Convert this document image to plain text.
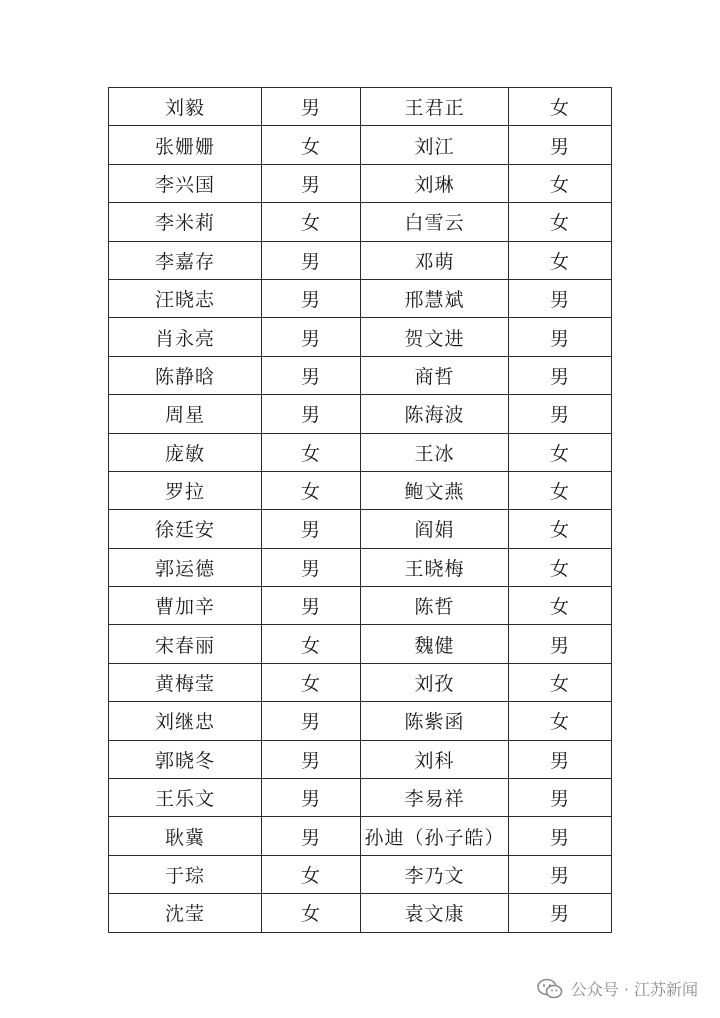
刘毅	男	王君正	女
张姗姗	女	刘江	男
李兴国	男	刘琳	女
李米莉	女	白雪云	女
李嘉存	男	邓萌	女
汪晓志	男	邢慧斌	男
肖永亮	男	贺文进	男
陈静晗	男	商哲	男
周星	男	陈海波	男
庞敏	女	王冰	女
罗拉	女	鲍文燕	女
徐廷安	男	阎娟	女
郭运德	男	王晓梅	女
曹加辛	男	陈哲	女
宋春丽	女	魏健	男
黄梅莹	女	刘孜	女
刘继忠	男	陈紫函	女
郭晓冬	男	刘科	男
王乐文	男	李易祥	男
耿冀	男	孙迪（孙子皓）	男
于琮	女	李乃文	男
沈莹	女	袁文康	男
公众号 · 江苏新闻
